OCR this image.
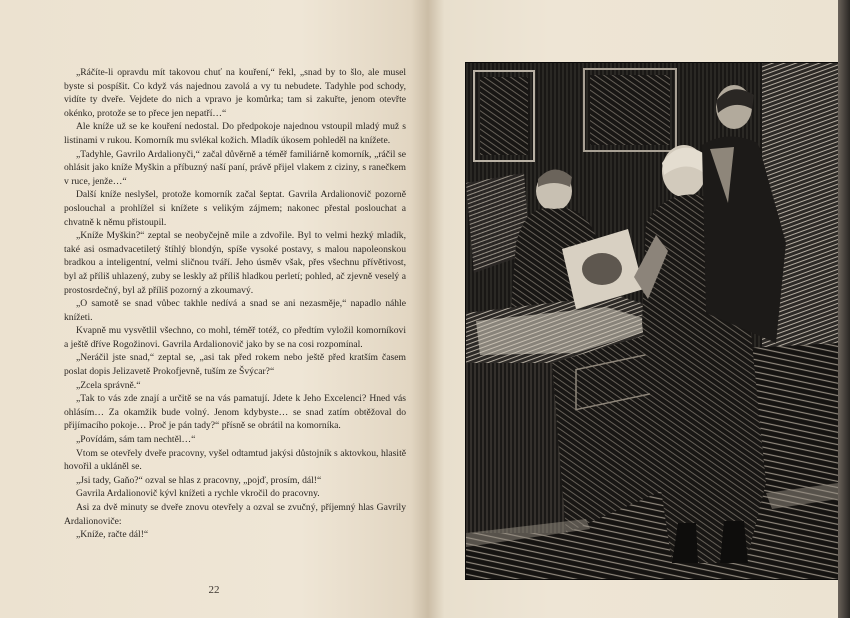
„Ráčíte-li opravdu mít takovou chuť na kouření,“ řekl, „snad by to šlo, ale musel byste si pospíšit. Co když vás najednou zavolá a vy tu nebudete. Tadyhle pod schody, vidíte ty dveře. Vejdete do nich a vpravo je komůrka; tam si zakuřte, jenom otevřte okénko, protože se to přece jen nepatří…“

Ale kníže už se ke kouření nedostal. Do předpokoje najednou vstoupil mladý muž s listinami v rukou. Komorník mu svlékal kožich. Mladík úkosem pohleděl na knížete.

„Tadyhle, Gavrilo Ardalionyči,“ začal důvěrně a téměř familiárně komorník, „ráčil se ohlásit jako kníže Myškin a příbuzný naší paní, právě přijel vlakem z ciziny, s ranečkem v ruce, jenže…“

Další kníže neslyšel, protože komorník začal šeptat. Gavrila Ardalionovič pozorně poslouchal a prohlížel si knížete s velikým zájmem; nakonec přestal poslouchat a chvatně k němu přistoupil.

„Kníže Myškin?“ zeptal se neobyčejně mile a zdvořile. Byl to velmi hezký mladík, také asi osmadvacetiletý štíhlý blondýn, spíše vysoké postavy, s malou napoleonskou bradkou a inteligentní, velmi sličnou tváří. Jeho úsměv však, přes všechnu přívětivost, byl až příliš uhlazený, zuby se leskly až příliš hladkou perletí; pohled, ač zjevně veselý a prostosrdečný, byl až příliš pozorný a zkoumavý.

„O samotě se snad vůbec takhle nedívá a snad se ani nezasměje,“ napadlo náhle knížeti.

Kvapně mu vysvětlil všechno, co mohl, téměř totéž, co předtím vyložil komorníkovi a ještě dříve Rogožinovi. Gavrila Ardalionovič jako by se na cosi rozpomínal.

„Neráčil jste snad,“ zeptal se, „asi tak před rokem nebo ještě před kratším časem poslat dopis Jelizavetě Prokofjevně, tuším ze Švýcar?“

„Zcela správně.“

„Tak to vás zde znají a určitě se na vás pamatují. Jdete k Jeho Excelenci? Hned vás ohlásím… Za okamžik bude volný. Jenom kdybyste… se snad zatím obtěžoval do přijímacího pokoje… Proč je pán tady?“ přísně se obrátil na komorníka.

„Povídám, sám tam nechtěl…“

Vtom se otevřely dveře pracovny, vyšel odtamtud jakýsi důstojník s aktovkou, hlasitě hovořil a ukláněl se.

„Jsi tady, Gaňo?“ ozval se hlas z pracovny, „pojď, prosím, dál!“

Gavrila Ardalionovič kývl knížeti a rychle vkročil do pracovny.

Asi za dvě minuty se dveře znovu otevřely a ozval se zvučný, příjemný hlas Gavrily Ardalionoviče:

„Kníže, račte dál!“

22
